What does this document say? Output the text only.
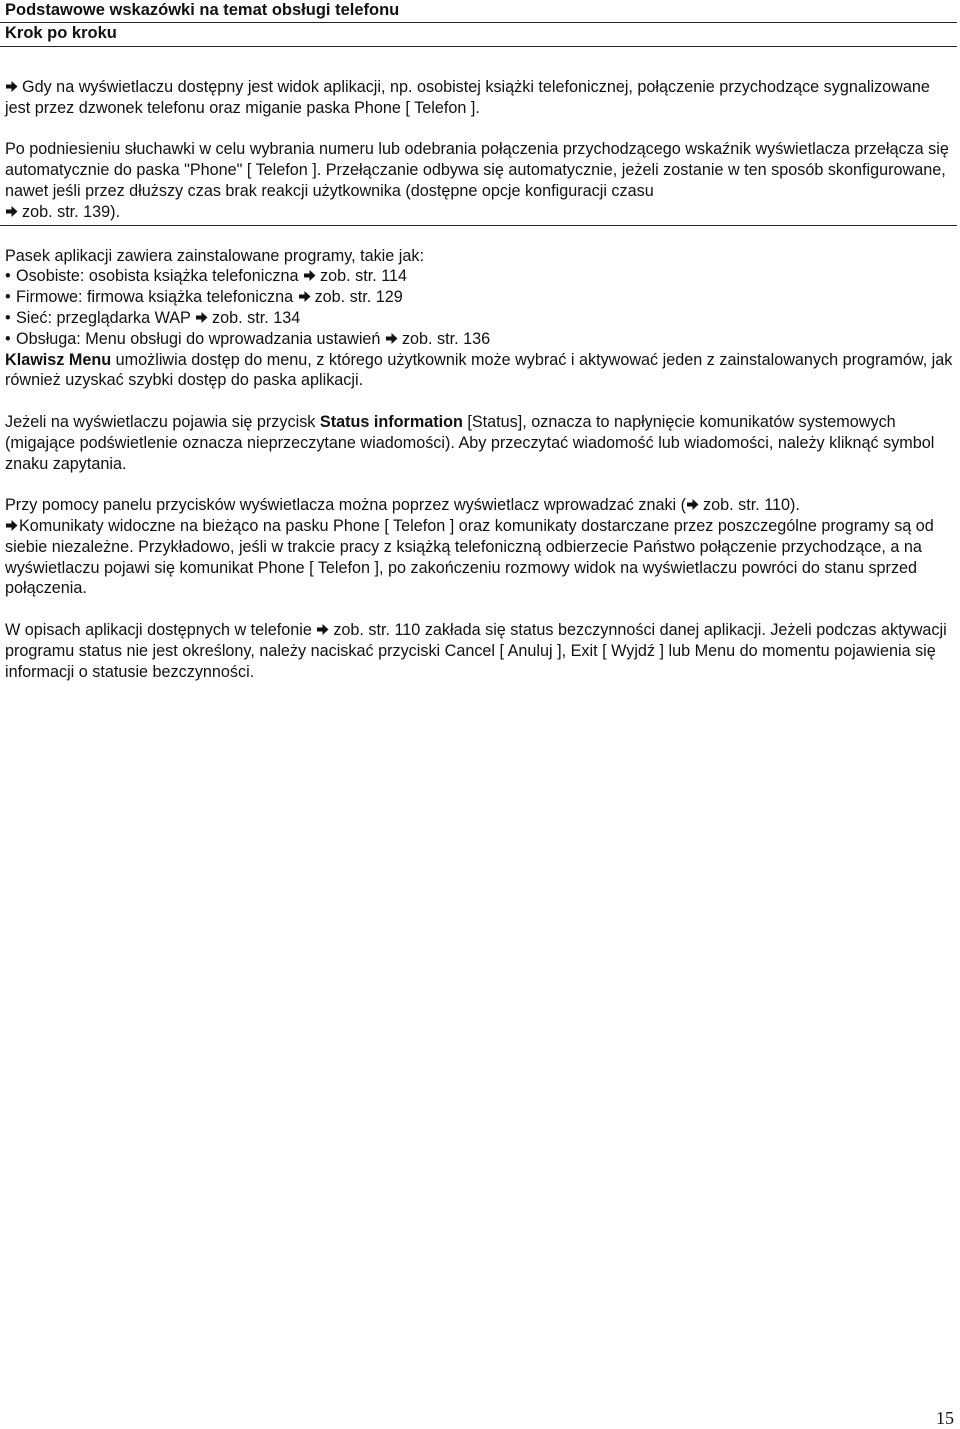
Podstawowe wskazówki na temat obsługi telefonu
Krok po kroku

Gdy na wyświetlaczu dostępny jest widok aplikacji, np. osobistej książki telefonicznej, połączenie przychodzące sygnalizowane jest przez dzwonek telefonu oraz miganie paska Phone [ Telefon ].

Po podniesieniu słuchawki w celu wybrania numeru lub odebrania połączenia przychodzącego wskaźnik wyświetlacza przełącza się automatycznie do paska "Phone" [ Telefon ]. Przełączanie odbywa się automatycznie, jeżeli zostanie w ten sposób skonfigurowane, nawet jeśli przez dłuższy czas brak reakcji użytkownika (dostępne opcje konfiguracji czasu

zob. str. 139).

Pasek aplikacji zawiera zainstalowane programy, takie jak:

• Osobiste: osobista książka telefoniczna zob. str. 114
• Firmowe: firmowa książka telefoniczna zob. str. 129
• Sieć: przeglądarka WAP zob. str. 134
• Obsługa: Menu obsługi do wprowadzania ustawień zob. str. 136

Klawisz Menu umożliwia dostęp do menu, z którego użytkownik może wybrać i aktywować jeden z zainstalowanych programów, jak również uzyskać szybki dostęp do paska aplikacji.

Jeżeli na wyświetlaczu pojawia się przycisk Status information [Status], oznacza to napłynięcie komunikatów systemowych (migające podświetlenie oznacza nieprzeczytane wiadomości). Aby przeczytać wiadomość lub wiadomości, należy kliknąć symbol znaku zapytania.

Przy pomocy panelu przycisków wyświetlacza można poprzez wyświetlacz wprowadzać znaki ( zob. str. 110).

Komunikaty widoczne na bieżąco na pasku Phone [ Telefon ] oraz komunikaty dostarczane przez poszczególne programy są od siebie niezależne. Przykładowo, jeśli w trakcie pracy z książką telefoniczną odbierzecie Państwo połączenie przychodzące, a na wyświetlaczu pojawi się komunikat Phone [ Telefon ], po zakończeniu rozmowy widok na wyświetlaczu powróci do stanu sprzed połączenia.

W opisach aplikacji dostępnych w telefonie zob. str. 110 zakłada się status bezczynności danej aplikacji. Jeżeli podczas aktywacji programu status nie jest określony, należy naciskać przyciski Cancel [ Anuluj ], Exit [ Wyjdź ] lub Menu do momentu pojawienia się informacji o statusie bezczynności.

15
